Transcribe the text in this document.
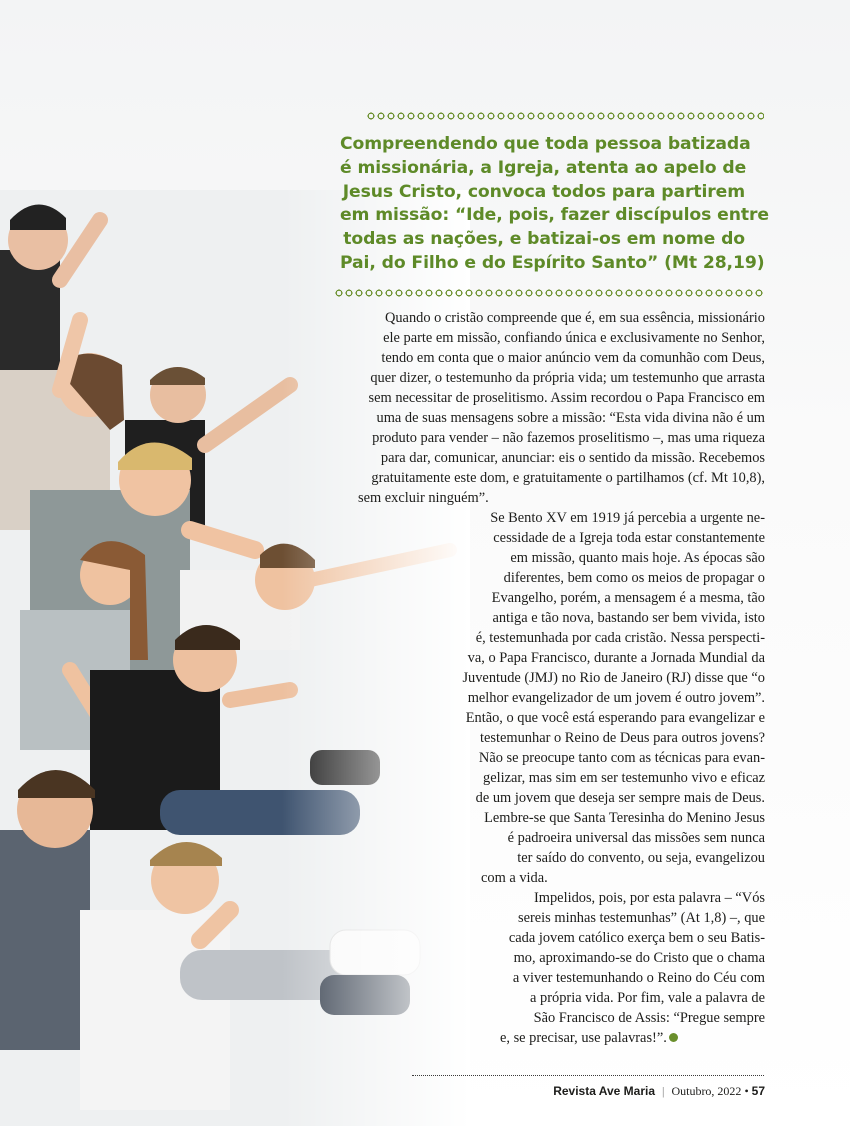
Compreendendo que toda pessoa batizada
é missionária, a Igreja, atenta ao apelo de
Jesus Cristo, convoca todos para partirem
em missão: “Ide, pois, fazer discípulos entre
todas as nações, e batizai-os em nome do
Pai, do Filho e do Espírito Santo” (Mt 28,19)
Quando o cristão compreende que é, em sua essência, missionário
ele parte em missão, confiando única e exclusivamente no Senhor,
tendo em conta que o maior anúncio vem da comunhão com Deus,
quer dizer, o testemunho da própria vida; um testemunho que arrasta
sem necessitar de proselitismo. Assim recordou o Papa Francisco em
uma de suas mensagens sobre a missão: “Esta vida divina não é um
produto para vender – não fazemos proselitismo –, mas uma riqueza
para dar, comunicar, anunciar: eis o sentido da missão. Recebemos
gratuitamente este dom, e gratuitamente o partilhamos (cf. Mt 10,8),
sem excluir ninguém”.
Se Bento XV em 1919 já percebia a urgente ne-
cessidade de a Igreja toda estar constantemente
em missão, quanto mais hoje. As épocas são
diferentes, bem como os meios de propagar o
Evangelho, porém, a mensagem é a mesma, tão
antiga e tão nova, bastando ser bem vivida, isto
é, testemunhada por cada cristão. Nessa perspecti-
va, o Papa Francisco, durante a Jornada Mundial da
Juventude (JMJ) no Rio de Janeiro (RJ) disse que “o
melhor evangelizador de um jovem é outro jovem”.
Então, o que você está esperando para evangelizar e
testemunhar o Reino de Deus para outros jovens?
Não se preocupe tanto com as técnicas para evan-
gelizar, mas sim em ser testemunho vivo e eficaz
de um jovem que deseja ser sempre mais de Deus.
Lembre-se que Santa Teresinha do Menino Jesus
é padroeira universal das missões sem nunca
ter saído do convento, ou seja, evangelizou
com a vida.
Impelidos, pois, por esta palavra – “Vós
sereis minhas testemunhas” (At 1,8) –, que
cada jovem católico exerça bem o seu Batis-
mo, aproximando-se do Cristo que o chama
a viver testemunhando o Reino do Céu com
a própria vida. Por fim, vale a palavra de
São Francisco de Assis: “Pregue sempre
e, se precisar, use palavras!”.
Revista Ave Maria | Outubro, 2022 • 57
